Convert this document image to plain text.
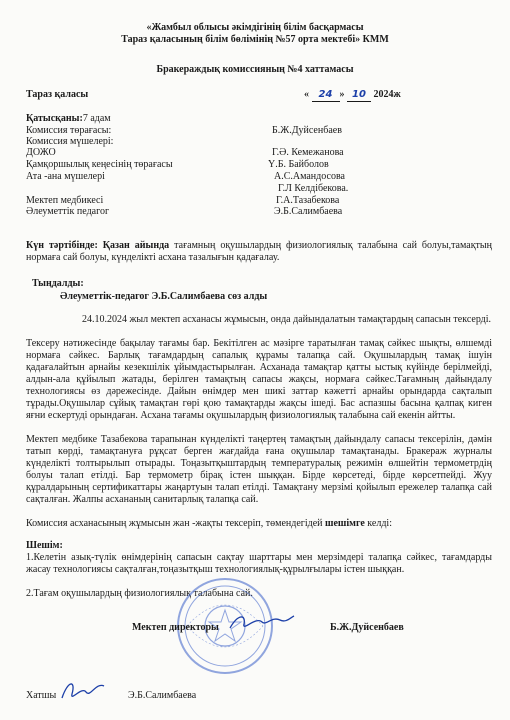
«Жамбыл облысы әкімдігінің білім басқармасы
Тараз қаласының білім бөлімінің №57 орта мектебі» КММ
Бракераждық комиссияның №4 хаттамасы
Тараз қаласы	« 24 » 10 2024ж
Қатысқаны:7 адам
Комиссия төрағасы:	Б.Ж.Дуйсенбаев
Комиссия мүшелері:
ДОЖО	Г.Ә. Кемежанова
Қамқоршылық кеңесінің төрағасы	Ү.Б. Байболов
Ата -ана мүшелері	А.С.Амандосова
Г.Л Келдібекова.
Мектеп медбикесі	Г.А.Тазабекова
Әлеуметтік педагог	Э.Б.Салимбаева
Күн тәртібінде: Қазан айында тағамның оқушылардың физиологиялық талабына сай болуы,тамақтың нормаға сай болуы, күнделікті асхана тазалығын қадағалау.
Тыңдалды:
Әлеуметтік-педагог Э.Б.Салимбаева сөз алды
24.10.2024 жыл мектеп асханасы жұмысын, онда дайындалатын тамақтардың сапасын тексерді.
Тексеру нәтижесінде бақылау тағамы бар. Бекітілген ас мәзірге таратылған тамақ сәйкес шықты, өлшемді нормаға сәйкес. Барлық тағамдардың сапалық құрамы талапқа сай. Оқушылардың тамақ ішуін қадағалайтын арнайы кезекшілік ұйымдастырылған. Асханада тамақтар қатты ыстық күйінде берілмейді, алдын-ала құйылып жатады, берілген тамақтың сапасы жақсы, нормаға сәйкес.Тағамның дайындалу технологиясы өз дәрежесінде. Дайын өнімдер мен шикі заттар кәжетті арнайы орындарда сақталып тұрады.Оқушылар сұйық тамақтан гөрі қою тамақтарды жақсы ішеді. Бас аспазшы басына қалпақ киген яғни ескертуді орындаған. Асхана тағамы оқушылардың физиологиялық талабына сай екенін айтты.
Мектеп медбике Тазабекова тарапынан күнделікті таңертең тамақтың дайындалу сапасы тексерілін, дәмін татып көрді, тамақтануға рұқсат берген жағдайда ғана оқушылар тамақтанады. Бракераж журналы күнделікті толтырылып отырады. Тоңазытқыштардың температуралық режимін өлшейтін термометрдің болуы талап етілді. Бар термометр бірақ істен шыққан. Бірде көрсетеді, бірде көрсетпейді. Жуу құралдарының сертификаттары жаңартуын талап етілді. Тамақтану мерзімі қойылып ережелер талапқа сай сақталған. Жалпы асхананың санитарлық талапқа сай.
Комиссия асханасының жұмысын жан -жақты тексеріп, төмендегідей шешімге келді:
Шешім:
1.Келетін азық-түлік өнімдерінің сапасын сақтау шарттары мен мерзімдері талапқа сәйкес, тағамдарды жасау технологиясы сақталған,тоңазытқыш технологиялық-құрылғылары істен шыққан.
2.Тағам оқушылардың физиологиялық талабына сай.
Мектеп директоры	Б.Ж.Дуйсенбаев
Хатшы	Э.Б.Салимбаева
